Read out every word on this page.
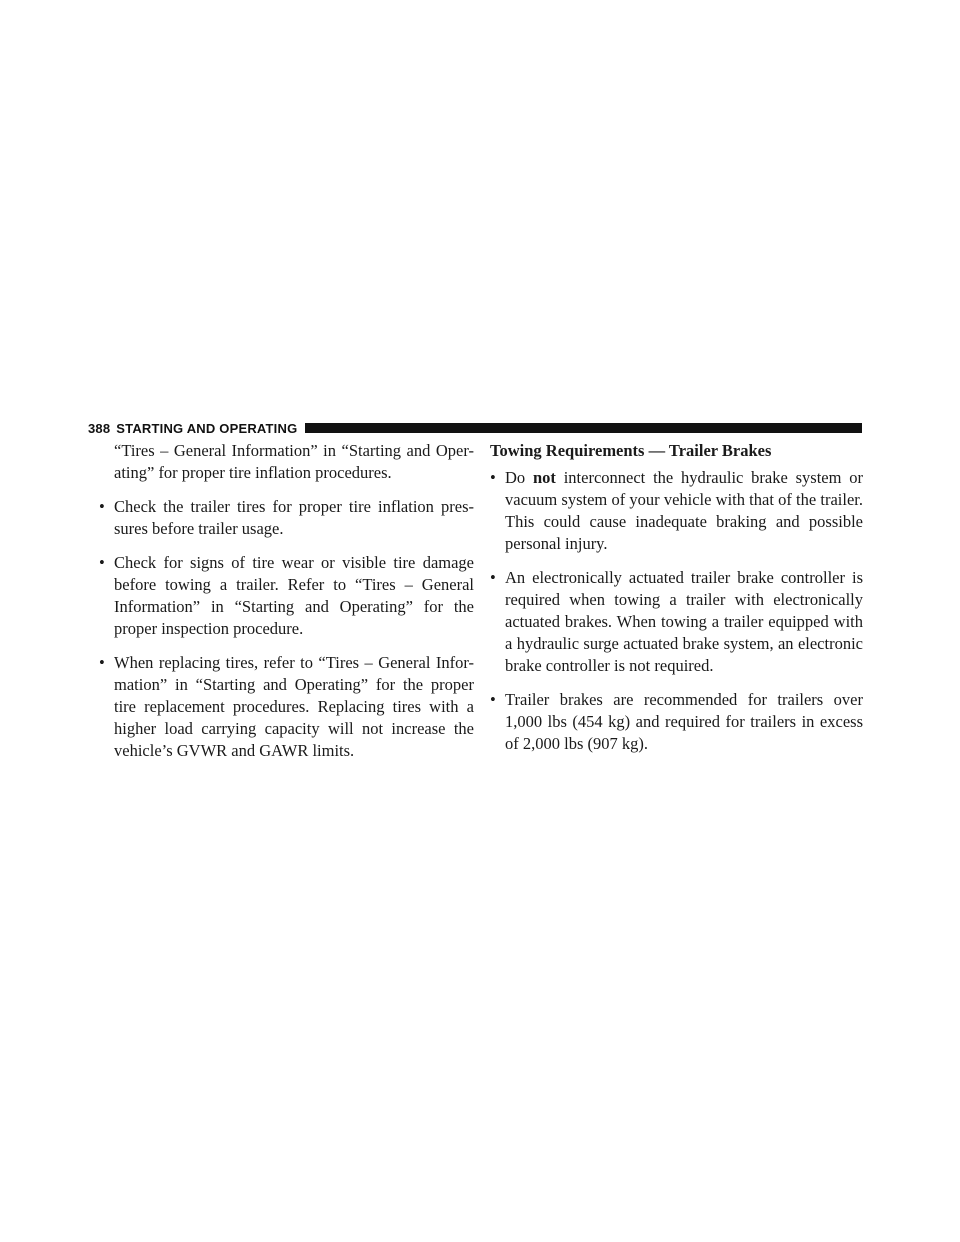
388 STARTING AND OPERATING

“Tires – General Information” in “Starting and Oper-ating” for proper tire inflation procedures.

• Check the trailer tires for proper tire inflation pres-sures before trailer usage.
• Check for signs of tire wear or visible tire damage before towing a trailer. Refer to “Tires – General Information” in “Starting and Operating” for the proper inspection procedure.
• When replacing tires, refer to “Tires – General Infor-mation” in “Starting and Operating” for the proper tire replacement procedures. Replacing tires with a higher load carrying capacity will not increase the vehicle’s GVWR and GAWR limits.
Towing Requirements — Trailer Brakes
• Do not interconnect the hydraulic brake system or vacuum system of your vehicle with that of the trailer. This could cause inadequate braking and possible personal injury.
• An electronically actuated trailer brake controller is required when towing a trailer with electronically actuated brakes. When towing a trailer equipped with a hydraulic surge actuated brake system, an electronic brake controller is not required.
• Trailer brakes are recommended for trailers over 1,000 lbs (454 kg) and required for trailers in excess of 2,000 lbs (907 kg).
